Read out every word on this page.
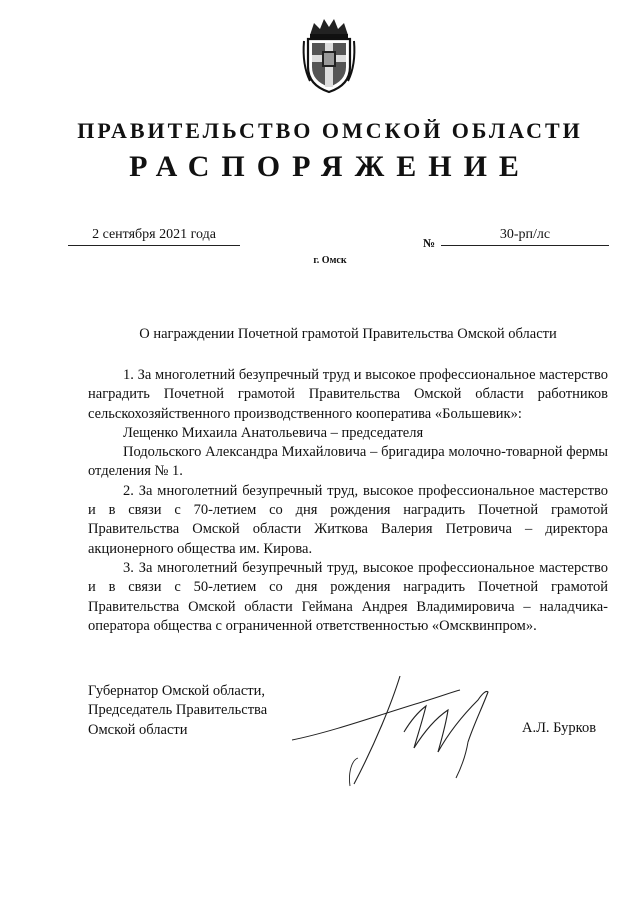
ПРАВИТЕЛЬСТВО ОМСКОЙ ОБЛАСТИ
РАСПОРЯЖЕНИЕ
2 сентября 2021 года
№
30-рп/лс
г. Омск
О награждении Почетной грамотой Правительства Омской области

1. За многолетний безупречный труд и высокое профессиональное мастерство наградить Почетной грамотой Правительства Омской области работников сельскохозяйственного производственного кооператива «Большевик»:

Лещенко Михаила Анатольевича – председателя

Подольского Александра Михайловича – бригадира молочно-товарной фермы отделения № 1.

2. За многолетний безупречный труд, высокое профессиональное мастерство и в связи с 70-летием со дня рождения наградить Почетной грамотой Правительства Омской области Житкова Валерия Петровича – директора акционерного общества им. Кирова.

3. За многолетний безупречный труд, высокое профессиональное мастерство и в связи с 50-летием со дня рождения наградить Почетной грамотой Правительства Омской области Геймана Андрея Владимировича – наладчика-оператора общества с ограниченной ответственностью «Омсквинпром».

Губернатор Омской области,
Председатель Правительства
Омской области	А.Л. Бурков
